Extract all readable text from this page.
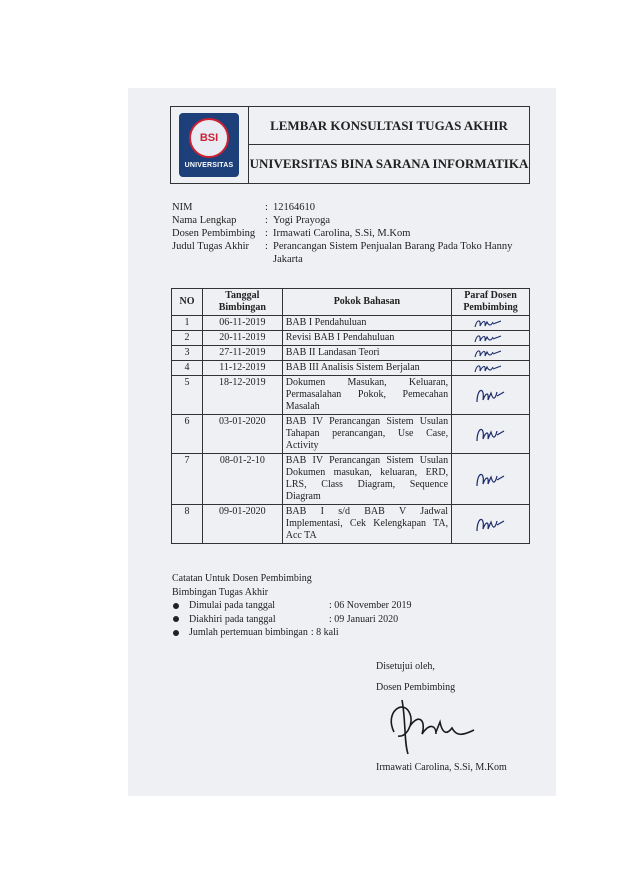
BSI
UNIVERSITAS
LEMBAR KONSULTASI TUGAS AKHIR
UNIVERSITAS BINA SARANA INFORMATIKA
NIM	: 12164610
Nama Lengkap	: Yogi Prayoga
Dosen Pembimbing : Irmawati Carolina, S.Si, M.Kom
Judul Tugas Akhir	: Perancangan Sistem Penjualan Barang Pada Toko Hanny Jakarta
NO	Tanggal Bimbingan	Pokok Bahasan	Paraf Dosen Pembimbing
1	06-11-2019	BAB I Pendahuluan	

2	20-11-2019	Revisi BAB I Pendahuluan	

3	27-11-2019	BAB II Landasan Teori	

4	11-12-2019	BAB III Analisis Sistem Berjalan	

5	18-12-2019	Dokumen Masukan, Keluaran, Permasalahan Pokok, Pemecahan Masalah	

6	03-01-2020	BAB IV Perancangan Sistem Usulan Tahapan perancangan, Use Case, Activity	

7	08-01-2-10	BAB IV Perancangan Sistem Usulan Dokumen masukan, keluaran, ERD, LRS, Class Diagram, Sequence Diagram	

8	09-01-2020	BAB I s/d BAB V Jadwal Implementasi, Cek Kelengkapan TA, Acc TA	
Catatan Untuk Dosen Pembimbing
Bimbingan Tugas Akhir
Dimulai pada tanggal	: 06 November 2019
Diakhiri pada tanggal	: 09 Januari 2020
Jumlah pertemuan bimbingan : 8 kali
Disetujui oleh,
Dosen Pembimbing
Irmawati Carolina, S.Si, M.Kom
